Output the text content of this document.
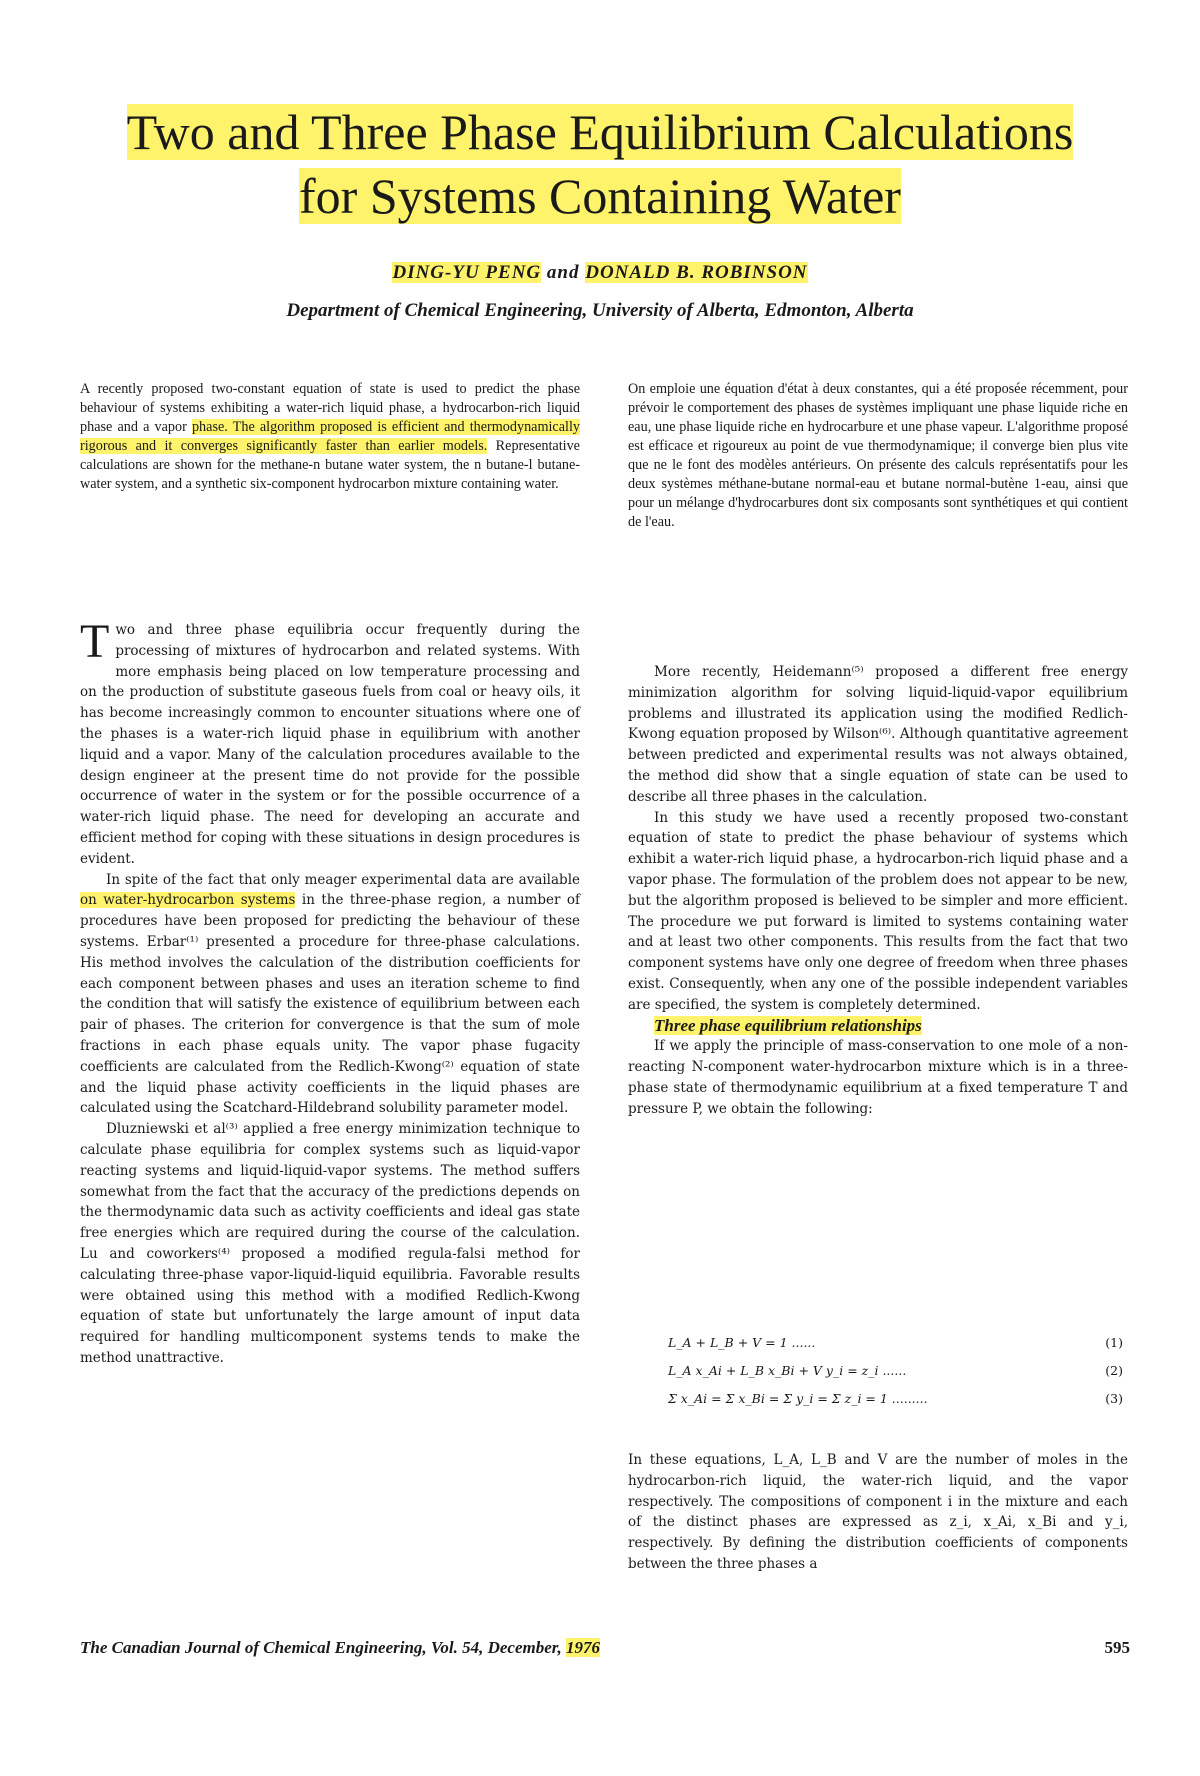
Two and Three Phase Equilibrium Calculations
for Systems Containing Water
DING-YU PENG and DONALD B. ROBINSON
Department of Chemical Engineering, University of Alberta, Edmonton, Alberta

A recently proposed two-constant equation of state is used to predict the phase behaviour of systems exhibiting a water-rich liquid phase, a hydrocarbon-rich liquid phase and a vapor phase. The algorithm proposed is efficient and thermodynamically rigorous and it converges significantly faster than earlier models. Representative calculations are shown for the methane-n butane water system, the n butane-l butane-water system, and a synthetic six-component hydrocarbon mixture containing water.

On emploie une équation d'état à deux constantes, qui a été proposée récemment, pour prévoir le comportement des phases de systèmes impliquant une phase liquide riche en eau, une phase liquide riche en hydrocarbure et une phase vapeur. L'algorithme proposé est efficace et rigoureux au point de vue thermodynamique; il converge bien plus vite que ne le font des modèles antérieurs. On présente des calculs représentatifs pour les deux systèmes méthane-butane normal-eau et butane normal-butène 1-eau, ainsi que pour un mélange d'hydrocarbures dont six composants sont synthétiques et qui contient de l'eau.

Two and three phase equilibria occur frequently during the processing of mixtures of hydrocarbon and related systems. With more emphasis being placed on low temperature processing and on the production of substitute gaseous fuels from coal or heavy oils, it has become increasingly common to encounter situations where one of the phases is a water-rich liquid phase in equilibrium with another liquid and a vapor. Many of the calculation procedures available to the design engineer at the present time do not provide for the possible occurrence of water in the system or for the possible occurrence of a water-rich liquid phase. The need for developing an accurate and efficient method for coping with these situations in design procedures is evident.

In spite of the fact that only meager experimental data are available on water-hydrocarbon systems in the three-phase region, a number of procedures have been proposed for predicting the behaviour of these systems. Erbar⁽¹⁾ presented a procedure for three-phase calculations. His method involves the calculation of the distribution coefficients for each component between phases and uses an iteration scheme to find the condition that will satisfy the existence of equilibrium between each pair of phases. The criterion for convergence is that the sum of mole fractions in each phase equals unity. The vapor phase fugacity coefficients are calculated from the Redlich-Kwong⁽²⁾ equation of state and the liquid phase activity coefficients in the liquid phases are calculated using the Scatchard-Hildebrand solubility parameter model.

Dluzniewski et al⁽³⁾ applied a free energy minimization technique to calculate phase equilibria for complex systems such as liquid-vapor reacting systems and liquid-liquid-vapor systems. The method suffers somewhat from the fact that the accuracy of the predictions depends on the thermodynamic data such as activity coefficients and ideal gas state free energies which are required during the course of the calculation. Lu and coworkers⁽⁴⁾ proposed a modified regula-falsi method for calculating three-phase vapor-liquid-liquid equilibria. Favorable results were obtained using this method with a modified Redlich-Kwong equation of state but unfortunately the large amount of input data required for handling multicomponent systems tends to make the method unattractive.

More recently, Heidemann⁽⁵⁾ proposed a different free energy minimization algorithm for solving liquid-liquid-vapor equilibrium problems and illustrated its application using the modified Redlich-Kwong equation proposed by Wilson⁽⁶⁾. Although quantitative agreement between predicted and experimental results was not always obtained, the method did show that a single equation of state can be used to describe all three phases in the calculation.

In this study we have used a recently proposed two-constant equation of state to predict the phase behaviour of systems which exhibit a water-rich liquid phase, a hydrocarbon-rich liquid phase and a vapor phase. The formulation of the problem does not appear to be new, but the algorithm proposed is believed to be simpler and more efficient. The procedure we put forward is limited to systems containing water and at least two other components. This results from the fact that two component systems have only one degree of freedom when three phases exist. Consequently, when any one of the possible independent variables are specified, the system is completely determined.

Three phase equilibrium relationships

If we apply the principle of mass-conservation to one mole of a non-reacting N-component water-hydrocarbon mixture which is in a three-phase state of thermodynamic equilibrium at a fixed temperature T and pressure P, we obtain the following:

L_A + L_B + V = 1 ......	(1)
L_A x_Ai + L_B x_Bi + V y_i = z_i ......	(2)
Σ x_Ai = Σ x_Bi = Σ y_i = Σ z_i = 1 .........	(3)

In these equations, L_A, L_B and V are the number of moles in the hydrocarbon-rich liquid, the water-rich liquid, and the vapor respectively. The compositions of component i in the mixture and each of the distinct phases are expressed as z_i, x_Ai, x_Bi and y_i, respectively. By defining the distribution coefficients of components between the three phases a

The Canadian Journal of Chemical Engineering, Vol. 54, December, 1976	595
